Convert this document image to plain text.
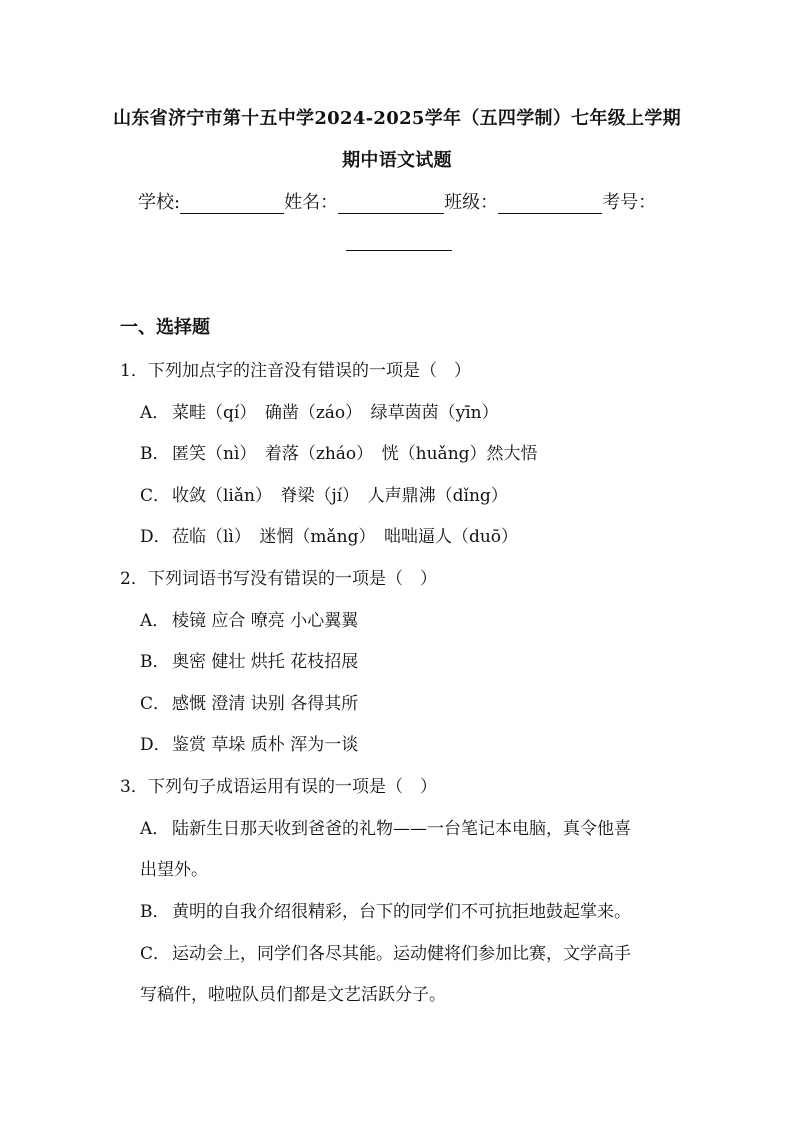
山东省济宁市第十五中学2024-2025学年（五四学制）七年级上学期
期中语文试题
学校:	姓名：	班级：	考号：
一、选择题
1．下列加点字的注音没有错误的一项是（　）
A． 菜畦（qí）　确凿（záo）　绿草茵茵（yīn）
B． 匿笑（nì）　着落（zháo）　恍（huǎng）然大悟
C． 收敛（liǎn）　脊梁（jí）　人声鼎沸（dǐng）
D．莅临（lì）　迷惘（mǎng）　咄咄逼人（duō）
2．下列词语书写没有错误的一项是（　）
A． 棱镜 应合 嘹亮 小心翼翼
B． 奥密 健壮 烘托 花枝招展
C． 感慨 澄清 诀别 各得其所
D．鉴赏 草垛 质朴 浑为一谈
3．下列句子成语运用有误的一项是（　）
A． 陆新生日那天收到爸爸的礼物——一台笔记本电脑，真令他喜
出望外。
B． 黄明的自我介绍很精彩，台下的同学们不可抗拒地鼓起掌来。
C． 运动会上，同学们各尽其能。运动健将们参加比赛，文学高手
写稿件，啦啦队员们都是文艺活跃分子。
